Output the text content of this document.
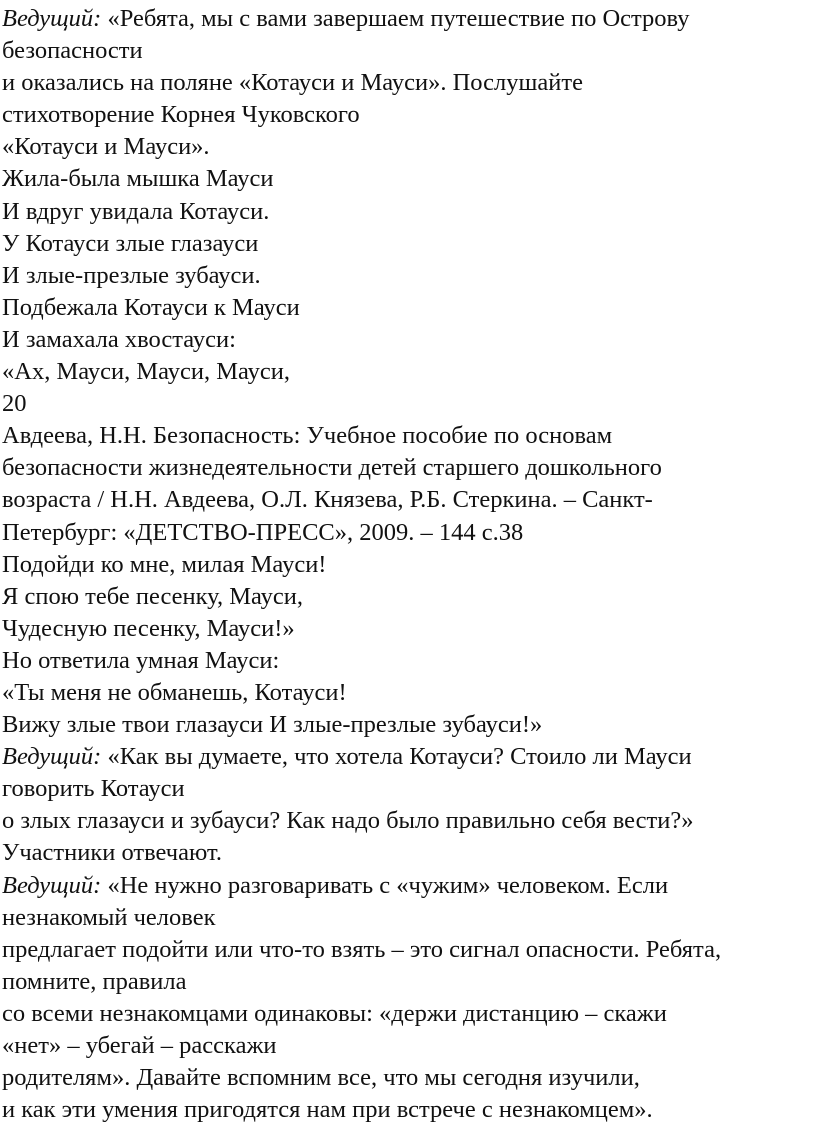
Ведущий: «Ребята, мы с вами завершаем путешествие по Острову
безопасности
и оказались на поляне «Котауси и Мауси». Послушайте
стихотворение Корнея Чуковского
«Котауси и Мауси».
Жила-была мышка Мауси
И вдруг увидала Котауси.
У Котауси злые глазауси
И злые-презлые зубауси.
Подбежала Котауси к Мауси
И замахала хвостауси:
«Ах, Мауси, Мауси, Мауси,
20
Авдеева, Н.Н. Безопасность: Учебное пособие по основам
безопасности жизнедеятельности детей старшего дошкольного
возраста / Н.Н. Авдеева, О.Л. Князева, Р.Б. Стеркина. – Санкт-
Петербург: «ДЕТСТВО-ПРЕСС», 2009. – 144 с.38
Подойди ко мне, милая Мауси!
Я спою тебе песенку, Мауси,
Чудесную песенку, Мауси!»
Но ответила умная Мауси:
«Ты меня не обманешь, Котауси!
Вижу злые твои глазауси И злые-презлые зубауси!»
Ведущий: «Как вы думаете, что хотела Котауси? Стоило ли Мауси
говорить Котауси
о злых глазауси и зубауси? Как надо было правильно себя вести?»
Участники отвечают.
Ведущий: «Не нужно разговаривать с «чужим» человеком. Если
незнакомый человек
предлагает подойти или что-то взять – это сигнал опасности. Ребята,
помните, правила
со всеми незнакомцами одинаковы: «держи дистанцию – скажи
«нет» – убегай – расскажи
родителям». Давайте вспомним все, что мы сегодня изучили,
и как эти умения пригодятся нам при встрече с незнакомцем».
